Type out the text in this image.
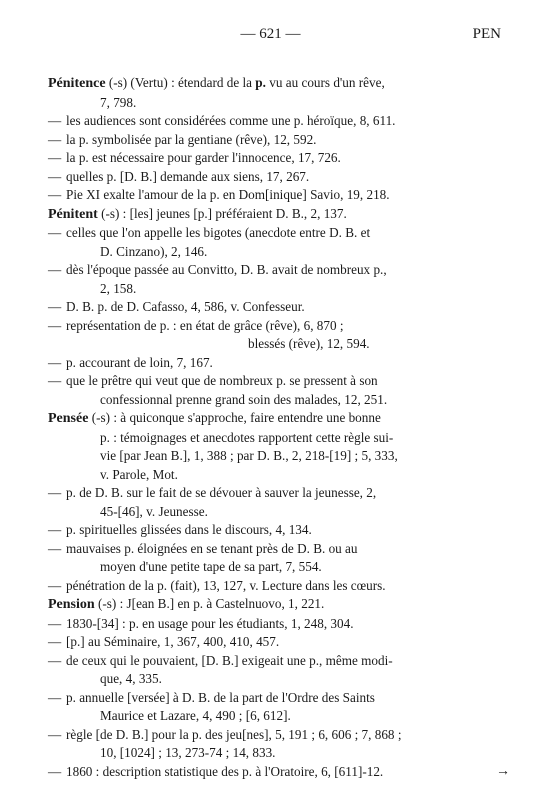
— 621 —	PEN
Pénitence (-s) (Vertu) : étendard de la p. vu au cours d'un rêve,
7, 798.
— les audiences sont considérées comme une p. héroïque, 8, 611.
— la p. symbolisée par la gentiane (rêve), 12, 592.
— la p. est nécessaire pour garder l'innocence, 17, 726.
— quelles p. [D. B.] demande aux siens, 17, 267.
— Pie XI exalte l'amour de la p. en Dom[inique] Savio, 19, 218.
Pénitent (-s) : [les] jeunes [p.] préféraient D. B., 2, 137.
— celles que l'on appelle les bigotes (anecdote entre D. B. et
D. Cinzano), 2, 146.
— dès l'époque passée au Convitto, D. B. avait de nombreux p.,
2, 158.
— D. B. p. de D. Cafasso, 4, 586, v. Confesseur.
— représentation de p. : en état de grâce (rêve), 6, 870 ;
blessés (rêve), 12, 594.
— p. accourant de loin, 7, 167.
— que le prêtre qui veut que de nombreux p. se pressent à son
confessionnal prenne grand soin des malades, 12, 251.
Pensée (-s) : à quiconque s'approche, faire entendre une bonne
p. : témoignages et anecdotes rapportent cette règle sui-
vie [par Jean B.], 1, 388 ; par D. B., 2, 218-[19] ; 5, 333,
v. Parole, Mot.
— p. de D. B. sur le fait de se dévouer à sauver la jeunesse, 2,
45-[46], v. Jeunesse.
— p. spirituelles glissées dans le discours, 4, 134.
— mauvaises p. éloignées en se tenant près de D. B. ou au
moyen d'une petite tape de sa part, 7, 554.
— pénétration de la p. (fait), 13, 127, v. Lecture dans les cœurs.
Pension (-s) : J[ean B.] en p. à Castelnuovo, 1, 221.
— 1830-[34] : p. en usage pour les étudiants, 1, 248, 304.
— [p.] au Séminaire, 1, 367, 400, 410, 457.
— de ceux qui le pouvaient, [D. B.] exigeait une p., même modi-
que, 4, 335.
— p. annuelle [versée] à D. B. de la part de l'Ordre des Saints
Maurice et Lazare, 4, 490 ; [6, 612].
— règle [de D. B.] pour la p. des jeu[nes], 5, 191 ; 6, 606 ; 7, 868 ;
10, [1024] ; 13, 273-74 ; 14, 833.
— 1860 : description statistique des p. à l'Oratoire, 6, [611]-12.	→
